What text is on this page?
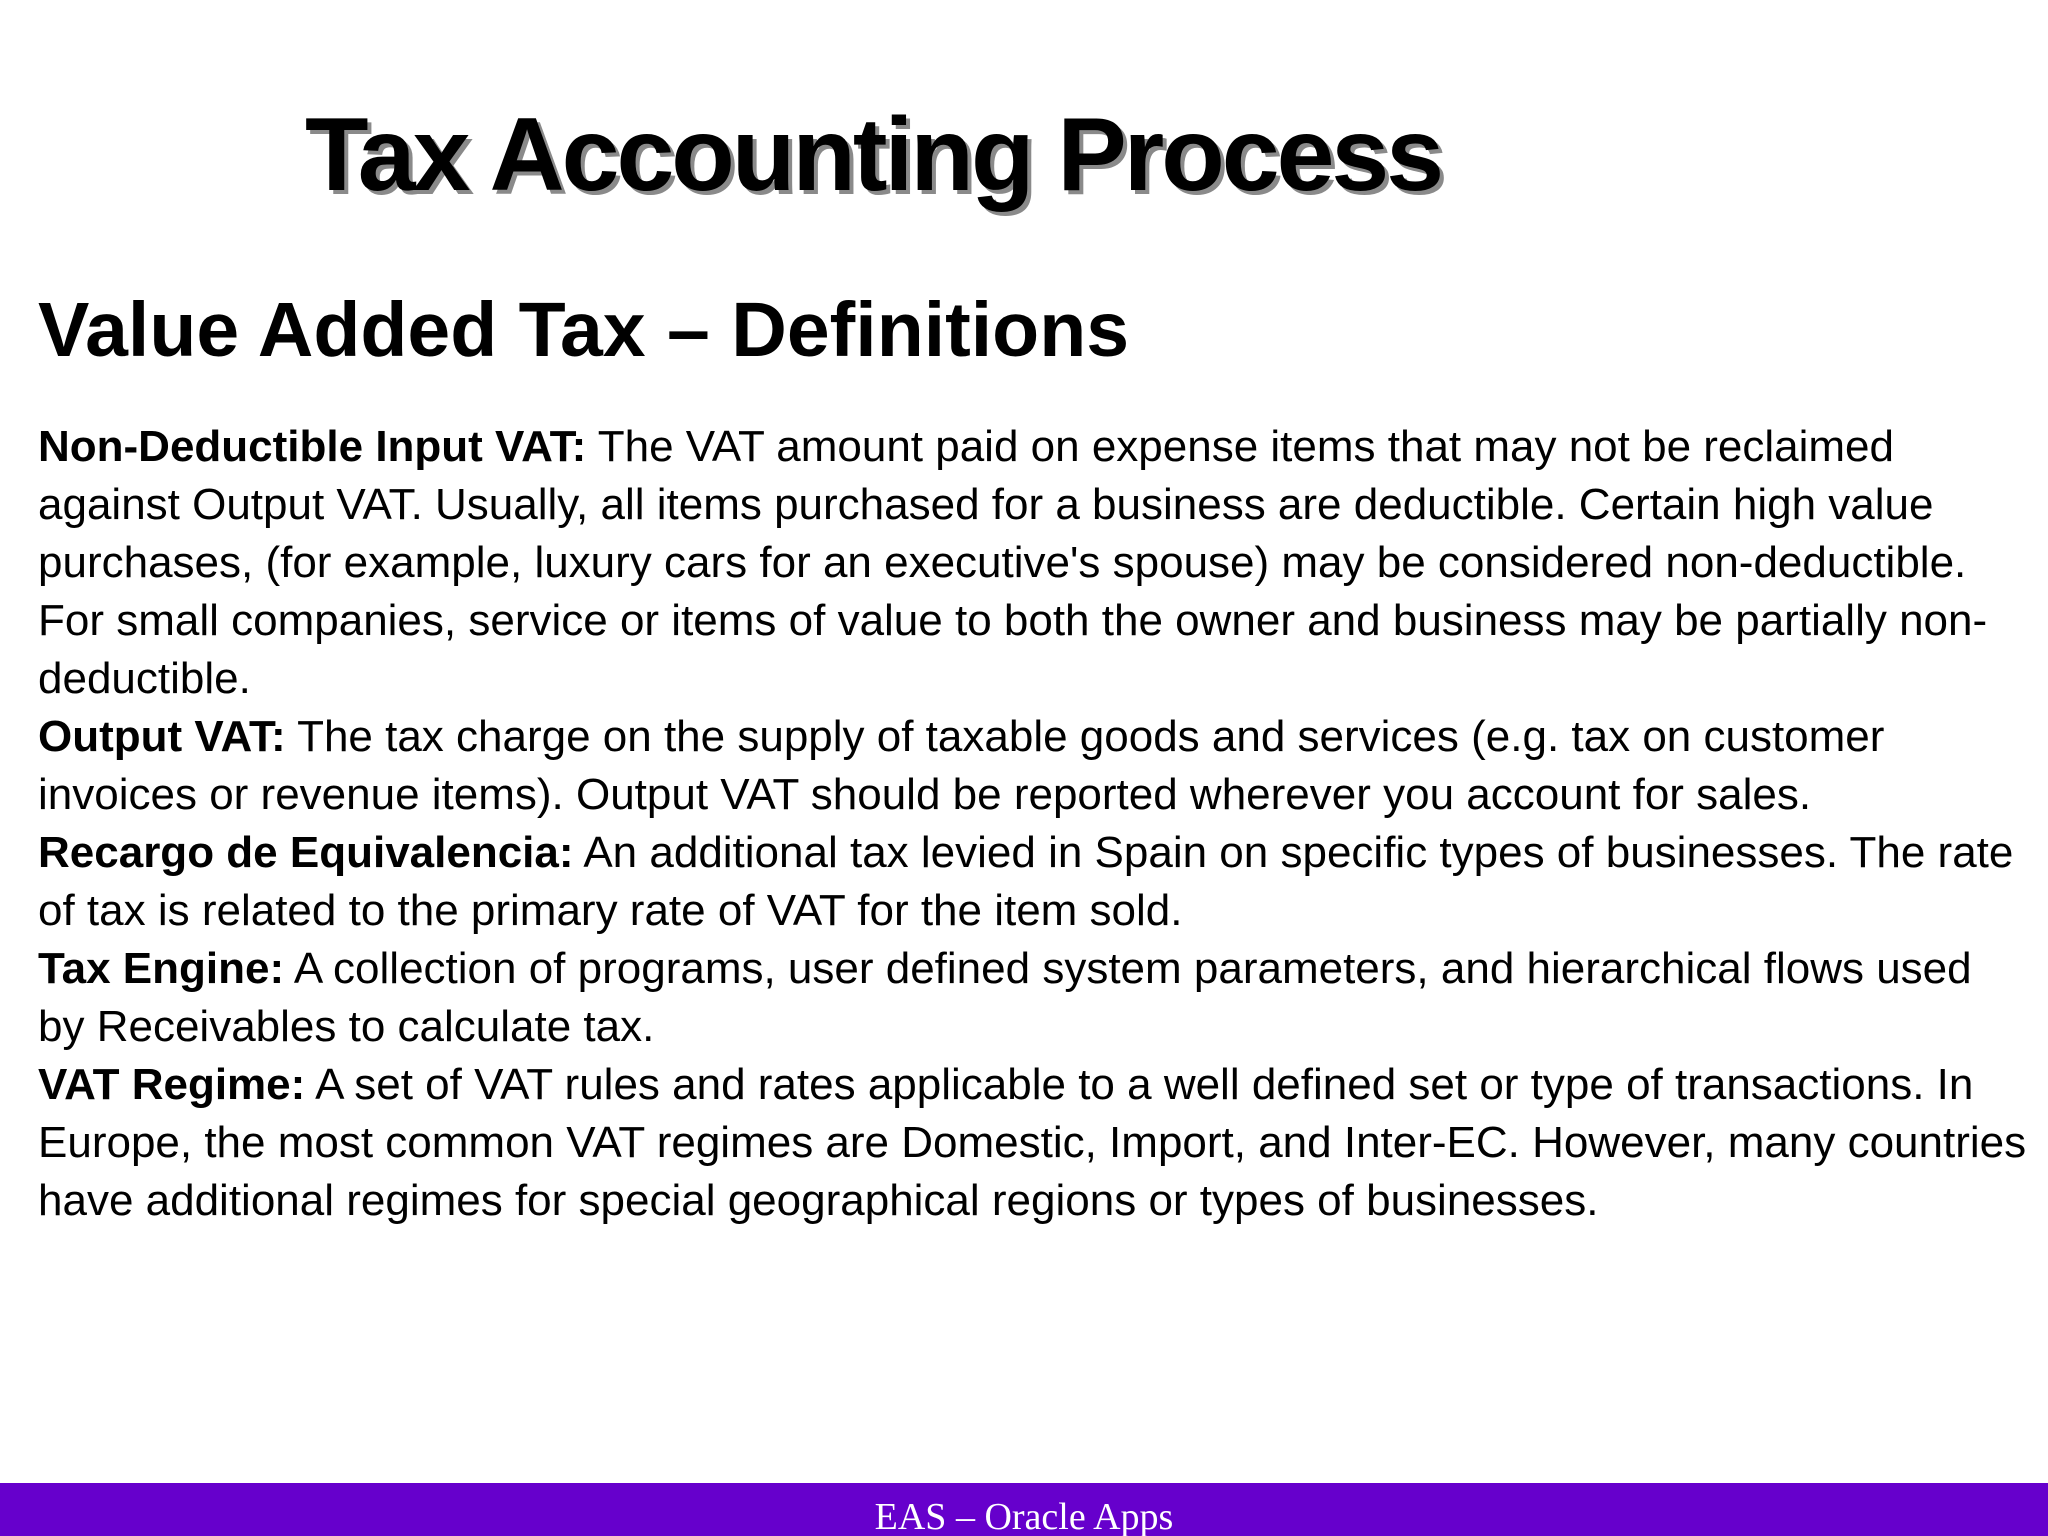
Tax Accounting Process
Value Added Tax – Definitions
Non-Deductible Input VAT: The VAT amount paid on expense items that may not be reclaimed against Output VAT. Usually, all items purchased for a business are deductible. Certain high value purchases, (for example, luxury cars for an executive's spouse) may be considered non-deductible. For small companies, service or items of value to both the owner and business may be partially non-deductible.
Output VAT: The tax charge on the supply of taxable goods and services (e.g. tax on customer invoices or revenue items). Output VAT should be reported wherever you account for sales.
Recargo de Equivalencia: An additional tax levied in Spain on specific types of businesses. The rate of tax is related to the primary rate of VAT for the item sold.
Tax Engine: A collection of programs, user defined system parameters, and hierarchical flows used by Receivables to calculate tax.
VAT Regime: A set of VAT rules and rates applicable to a well defined set or type of transactions. In Europe, the most common VAT regimes are Domestic, Import, and Inter-EC. However, many countries have additional regimes for special geographical regions or types of businesses.
EAS – Oracle Apps
